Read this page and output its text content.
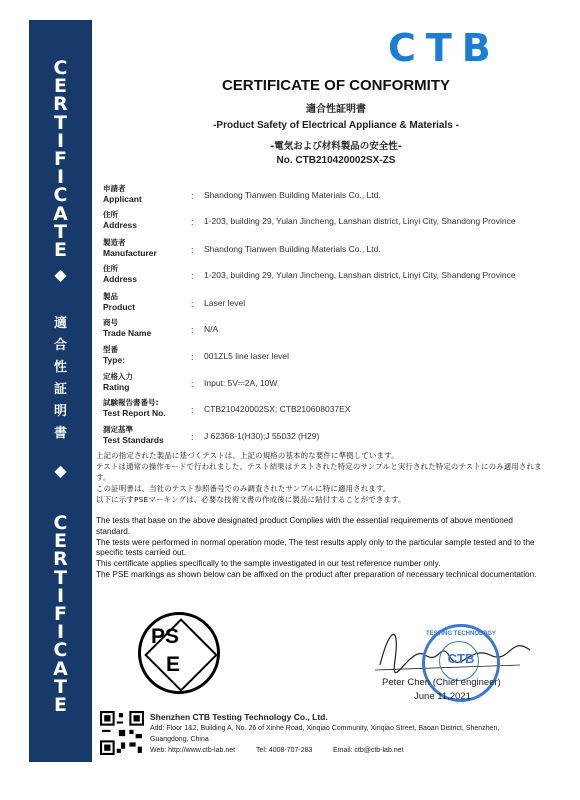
C
E
R
T
I
F
I
C
A
T
E
◆
適
合
性
証
明
書
◆
C
E
R
T
I
F
I
C
A
T
E
CTB
CERTIFICATE OF CONFORMITY
適合性証明書
-Product Safety of Electrical Appliance & Materials -
-電気および材料製品の安全性-
No. CTB210420002SX-ZS
申請者
Applicant	: Shandong Tianwen Building Materials Co., Ltd.
住所
Address	: 1-203, building 29, Yulan Jincheng, Lanshan district, Linyi City, Shandong Province
製造者
Manufacturer	: Shandong Tianwen Building Materials Co., Ltd.
住所
Address	: 1-203, building 29, Yulan Jincheng, Lanshan district, Linyi City, Shandong Province
製品
Product	: Laser level
商号
Trade Name	: N/A
型番
Type:	: 001ZL5 line laser level
定格入力
Rating	: Input: 5V⎓2A, 10W.
試験報告書番号:
Test Report No.	: CTB210420002SX; CTB210608037EX
測定基準
Test Standards	: J 62368-1(H30);J 55032 (H29)
上記の指定された製品に基づくテストは、上記の規格の基本的な要件に準拠しています。
テストは通常の操作モードで行われました。テスト結果はテストされた特定のサンプルと実行された特定のテストにのみ適用されます。
この証明書は、当社のテスト参照番号でのみ調査されたサンプルに特に適用されます。
以下に示すPSEマーキングは、必要な技術文書の作成後に製品に貼付することができます。
The tests that base on the above designated product Complies with the essential requirements of above mentioned standard.
The tests were performed in normal operation mode, The test results apply only to the particular sample tested and to the specific tests carried out.
This certificate applies specifically to the sample investigated in our test reference number only.
The PSE markings as shown below can be affixed on the product after preparation of necessary technical documentation.
PS
E
TESTING TECHNOLOGY
CTB
Peter Chen (Chief engineer)
June 11,2021
Shenzhen CTB Testing Technology Co., Ltd.
Add: Floor 1&2, Building A, No. 26 of Xinhe Road, Xinqiao Community, Xinqiao Street, Baoan District, Shenzhen,
Guangdong, China
Web: http://www.ctb-lab.net	Tel: 4008-707-283	Email: ctb@ctb-lab.net
